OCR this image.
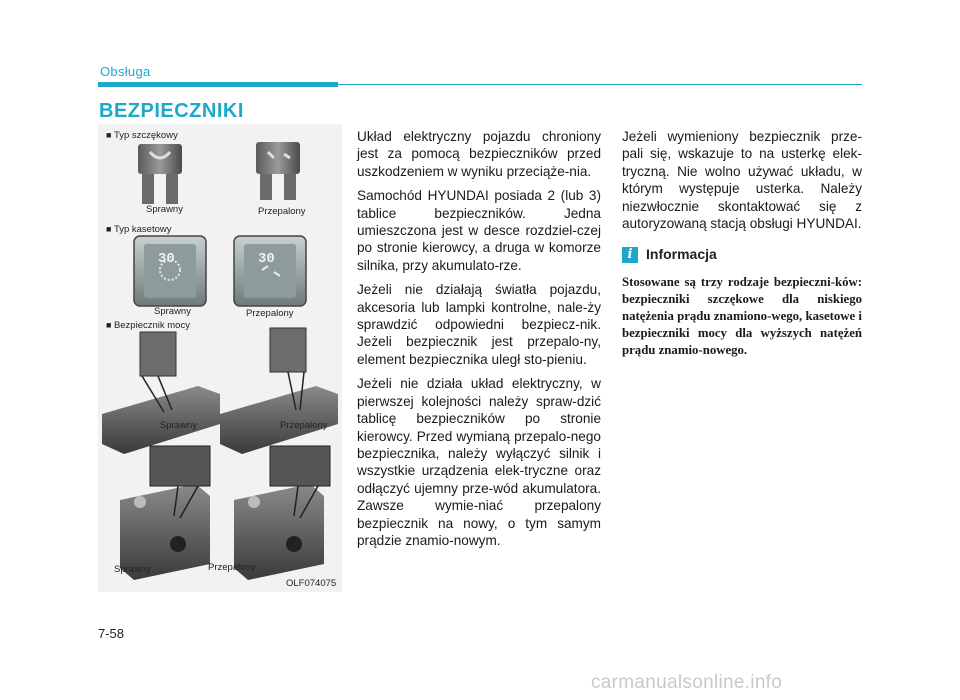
Obsługa
BEZPIECZNIKI
30	30
■ Typ szczękowy
Sprawny	Przepalony
■ Typ kasetowy
Sprawny	Przepalony
■ Bezpiecznik mocy
Sprawny	Przepalony
Sprawny	Przepalony
OLF074075

Układ elektryczny pojazdu chroniony jest za pomocą bezpieczników przed uszkodzeniem w wyniku przeciąże-nia.

Samochód HYUNDAI posiada 2 (lub 3) tablice bezpieczników. Jedna umieszczona jest w desce rozdziel-czej po stronie kierowcy, a druga w komorze silnika, przy akumulato-rze.

Jeżeli nie działają światła pojazdu, akcesoria lub lampki kontrolne, nale-ży sprawdzić odpowiedni bezpiecz-nik. Jeżeli bezpiecznik jest przepalo-ny, element bezpiecznika uległ sto-pieniu.

Jeżeli nie działa układ elektryczny, w pierwszej kolejności należy spraw-dzić tablicę bezpieczników po stronie kierowcy. Przed wymianą przepalo-nego bezpiecznika, należy wyłączyć silnik i wszystkie urządzenia elek-tryczne oraz odłączyć ujemny prze-wód akumulatora. Zawsze wymie-niać przepalony bezpiecznik na nowy, o tym samym prądzie znamio-nowym.

Jeżeli wymieniony bezpiecznik prze-pali się, wskazuje to na usterkę elek-tryczną. Nie wolno używać układu, w którym występuje usterka. Należy niezwłocznie skontaktować się z autoryzowaną stacją obsługi HYUNDAI.

i Informacja

Stosowane są trzy rodzaje bezpieczni-ków: bezpieczniki szczękowe dla niskiego natężenia prądu znamiono-wego, kasetowe i bezpieczniki mocy dla wyższych natężeń prądu znamio-nowego.

7-58
carmanualsonline.info
